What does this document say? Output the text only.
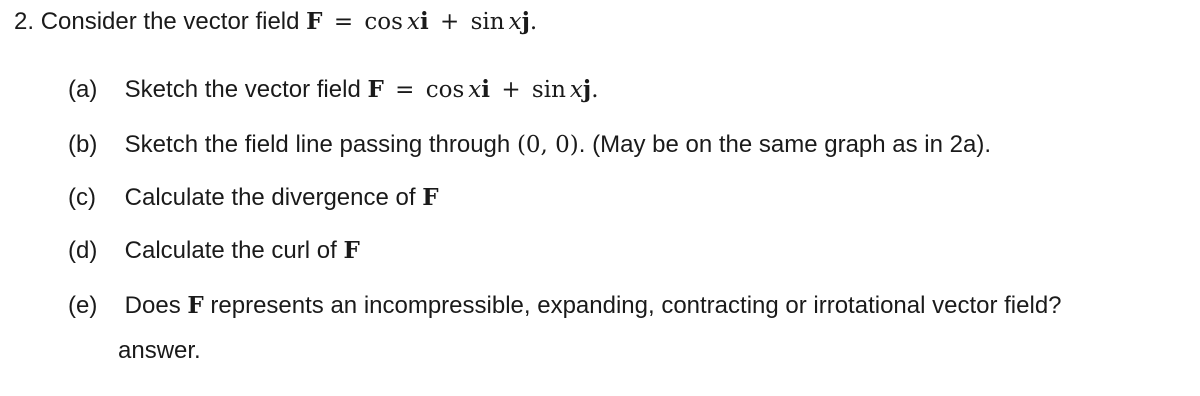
2. Consider the vector field F = cos xi + sin xj.
(a) Sketch the vector field F = cos xi + sin xj.
(b) Sketch the field line passing through (0, 0). (May be on the same graph as in 2a).
(c) Calculate the divergence of F
(d) Calculate the curl of F
(e) Does F represents an incompressible, expanding, contracting or irrotational vector field?
answer.
